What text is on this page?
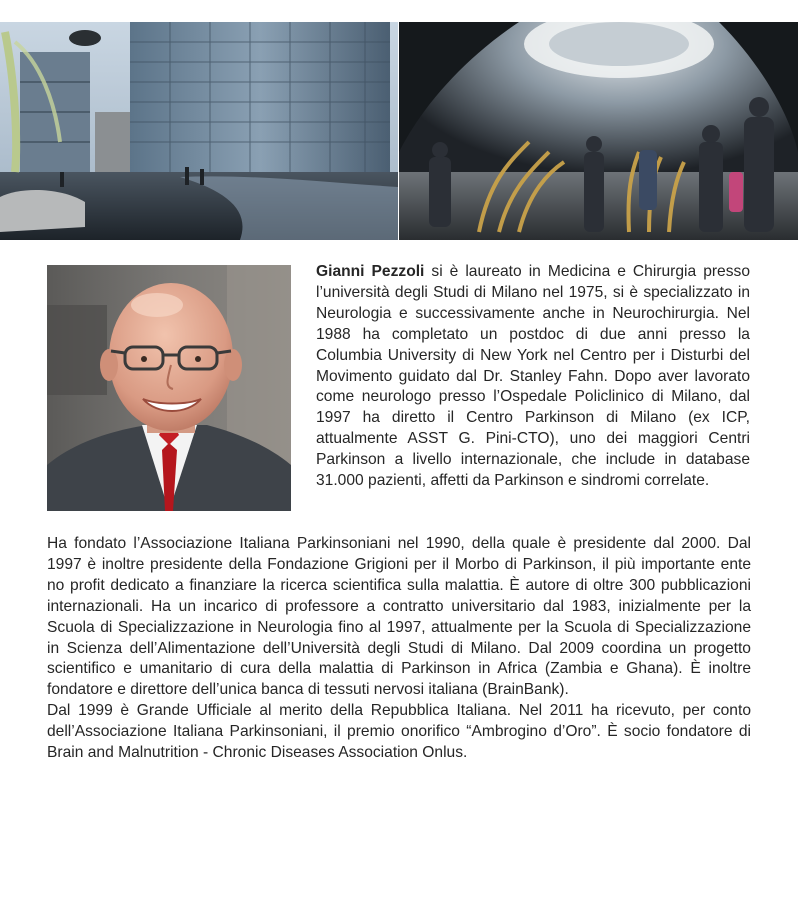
Gianni Pezzoli si è laureato in Medicina e Chirurgia presso l’università degli Studi di Milano nel 1975, si è specializzato in Neurologia e successivamente anche in Neurochirurgia. Nel 1988 ha completato un postdoc di due anni presso la Columbia University di New York nel Centro per i Disturbi del Movimento guidato dal Dr. Stanley Fahn. Dopo aver lavorato come neurologo presso l’Ospedale Policlinico di Milano, dal 1997 ha diretto il Centro Parkinson di Milano (ex ICP, attualmente ASST G. Pini-CTO), uno dei maggiori Centri Parkinson a livello internazionale, che include in database 31.000 pazienti, affetti da Parkinson e sindromi correlate.

Ha fondato l’Associazione Italiana Parkinsoniani nel 1990, della quale è presidente dal 2000. Dal 1997 è inoltre presidente della Fondazione Grigioni per il Morbo di Parkinson, il più importante ente no profit dedicato a finanziare la ricerca scientifica sulla malattia. È autore di oltre 300 pubblicazioni internazionali. Ha un incarico di professore a contratto universitario dal 1983, inizialmente per la Scuola di Specializzazione in Neurologia fino al 1997, attualmente per la Scuola di Specializzazione in Scienza dell’Alimentazione dell’Università degli Studi di Milano. Dal 2009 coordina un progetto scientifico e umanitario di cura della malattia di Parkinson in Africa (Zambia e Ghana). È inoltre fondatore e direttore dell’unica banca di tessuti nervosi italiana (BrainBank).

Dal 1999 è Grande Ufficiale al merito della Repubblica Italiana. Nel 2011 ha ricevuto, per conto dell’Associazione Italiana Parkinsoniani, il premio onorifico “Ambrogino d’Oro”. È socio fondatore di Brain and Malnutrition - Chronic Diseases Association Onlus.
